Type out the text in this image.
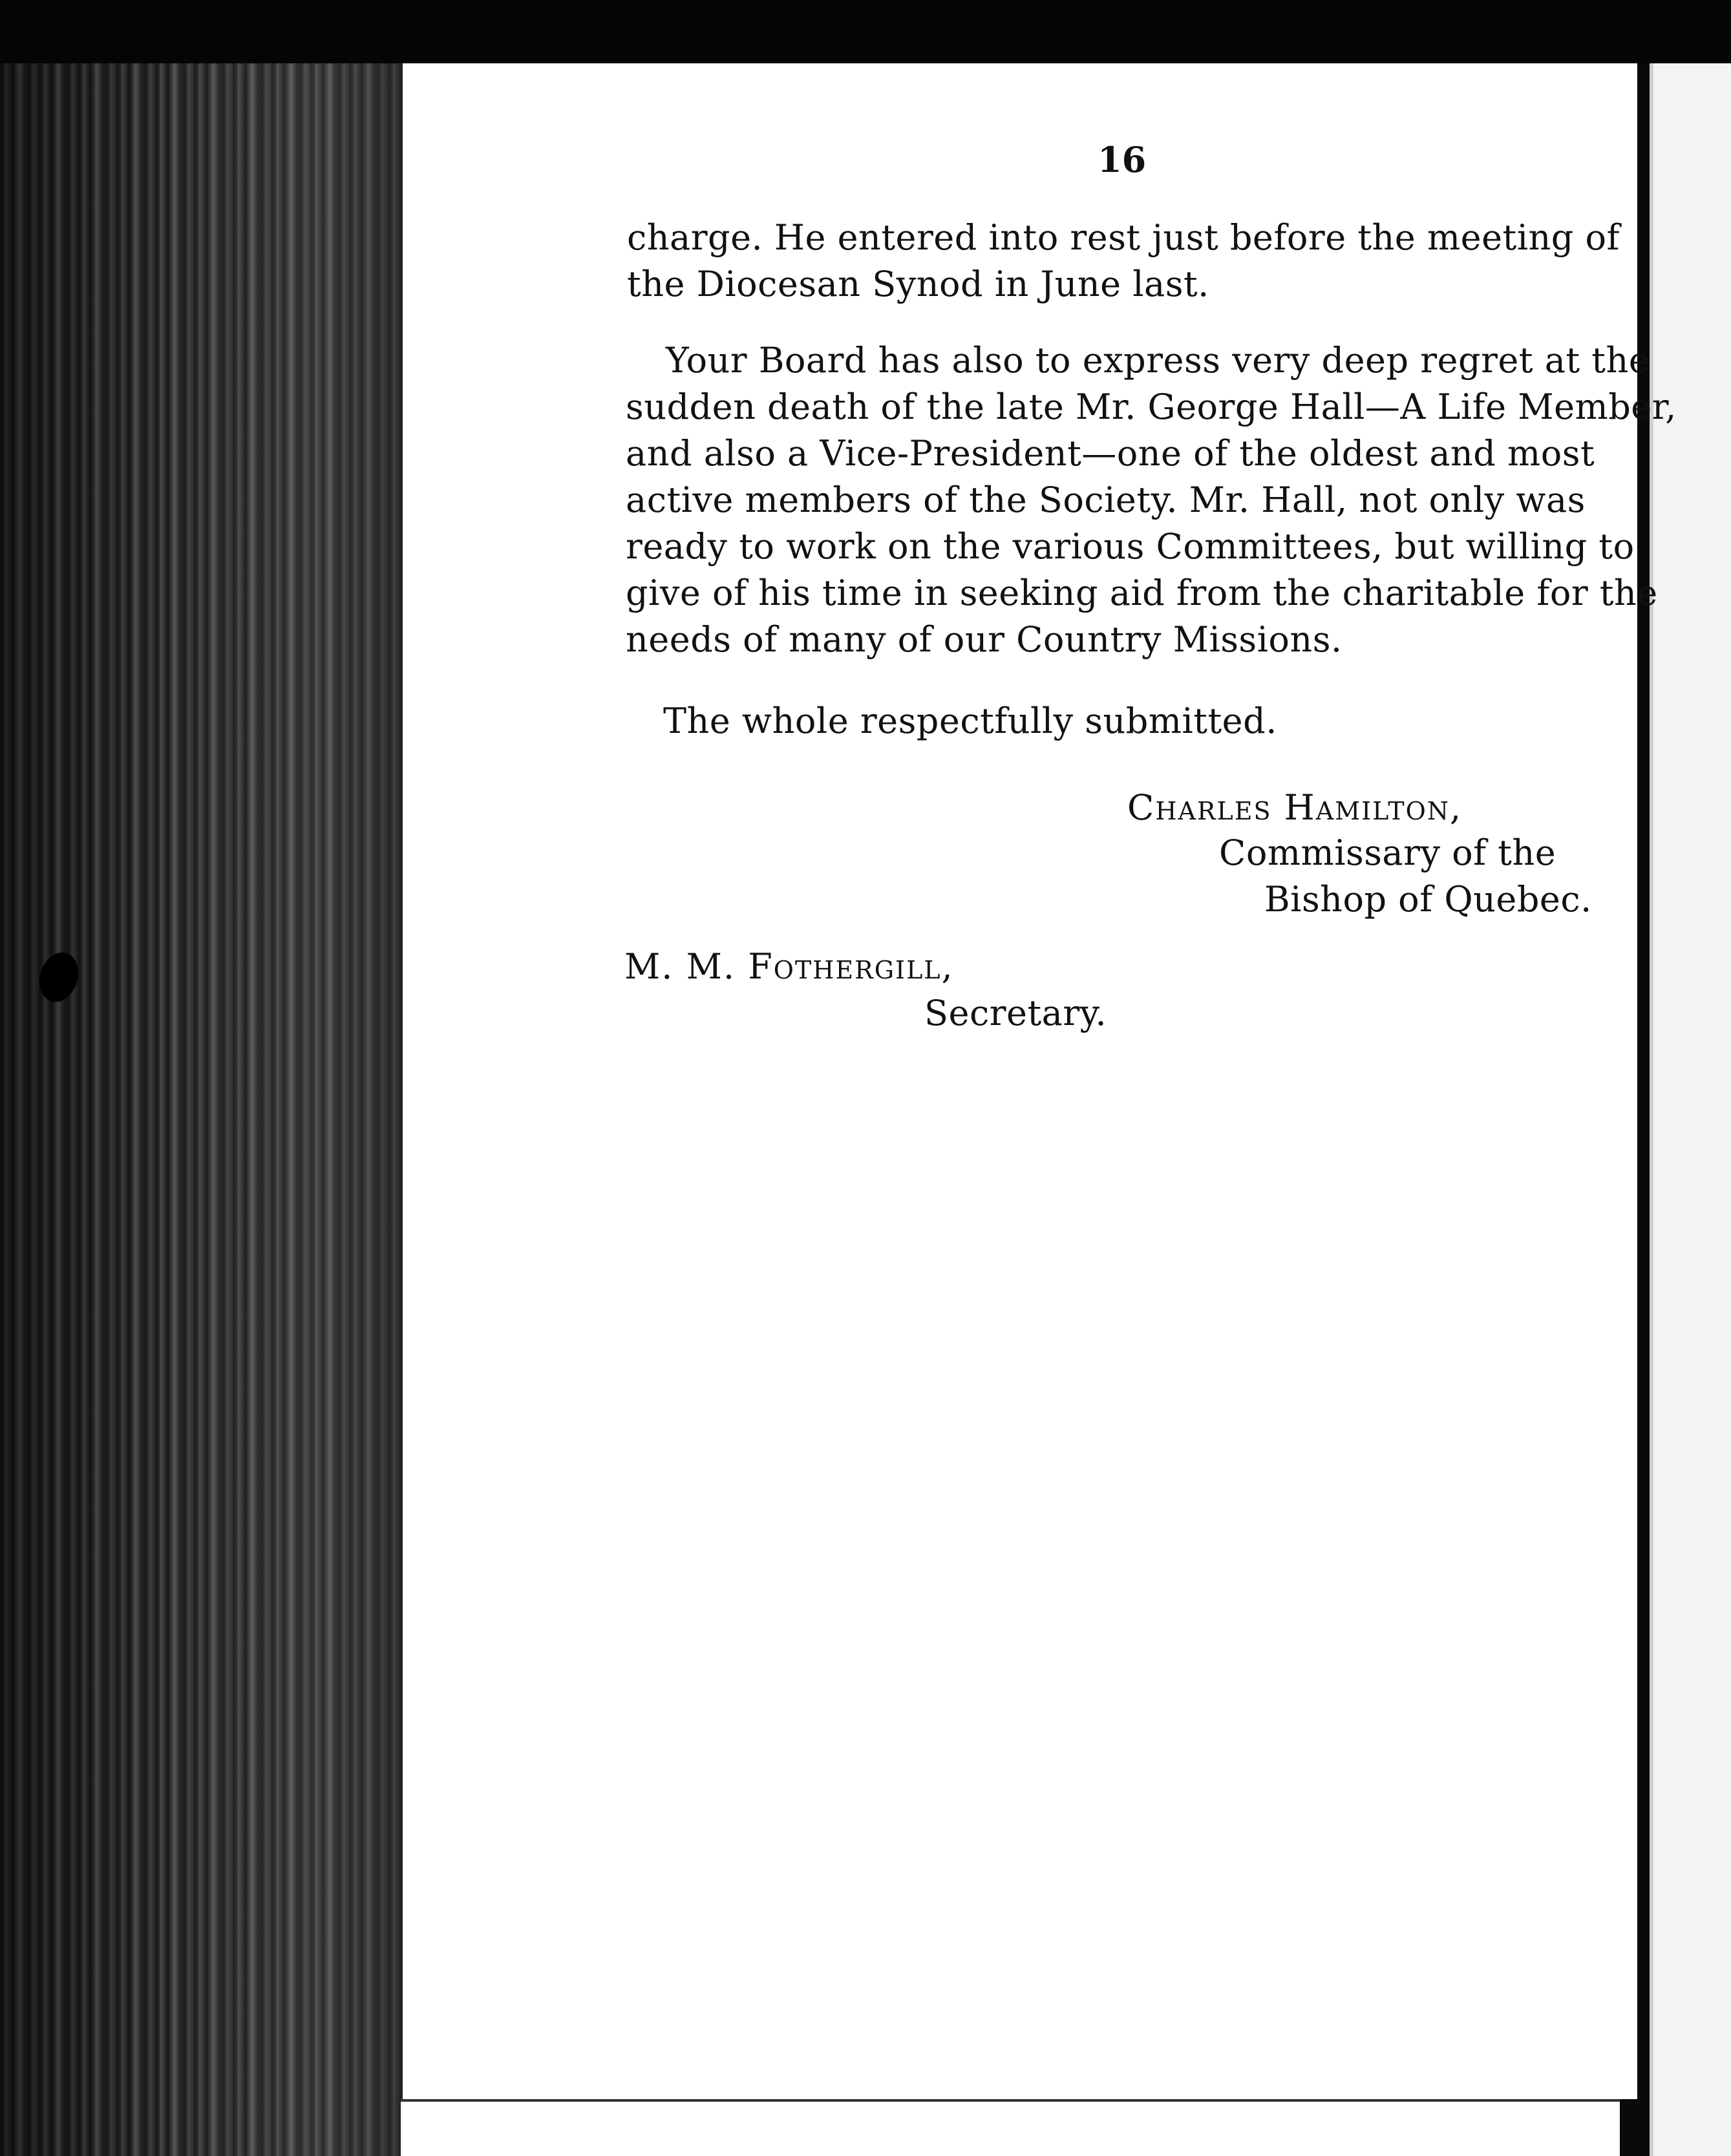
16

charge. He entered into rest just before the meeting of

the Diocesan Synod in June last.

Your Board has also to express very deep regret at the

sudden death of the late Mr. George Hall—A Life Member,

and also a Vice-President—one of the oldest and most

active members of the Society. Mr. Hall, not only was

ready to work on the various Committees, but willing to

give of his time in seeking aid from the charitable for the

needs of many of our Country Missions.

The whole respectfully submitted.

Charles Hamilton,

Commissary of the

Bishop of Quebec.

M. M. Fothergill,

Secretary.
